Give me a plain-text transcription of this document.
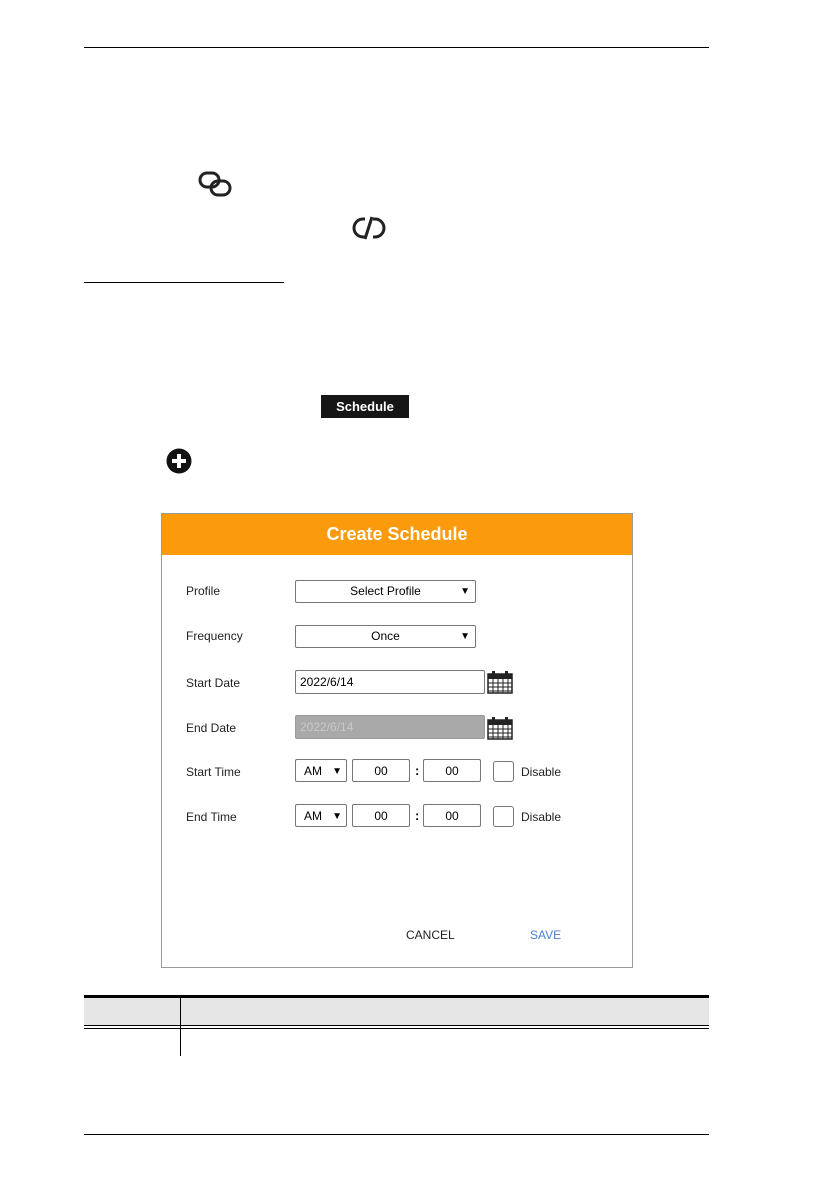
Schedule
Create Schedule
Profile	Select Profile	▼
Frequency	Once	▼
Start Date	2022/6/14
End Date	2022/6/14
Start Time	AM ▼	00	:	00	Disable
End Time	AM ▼	00	:	00	Disable
CANCEL	SAVE
